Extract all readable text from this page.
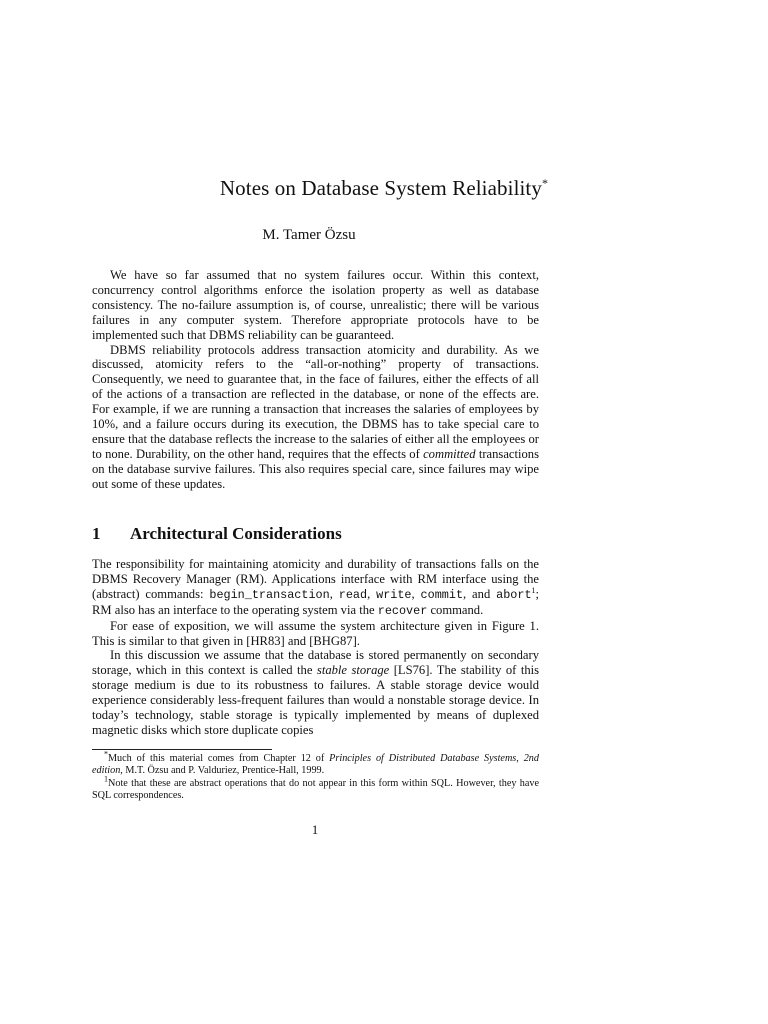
Notes on Database System Reliability*
M. Tamer Özsu

We have so far assumed that no system failures occur. Within this context, concurrency control algorithms enforce the isolation property as well as database consistency. The no-failure assumption is, of course, unrealistic; there will be various failures in any computer system. Therefore appropriate protocols have to be implemented such that DBMS reliability can be guaranteed.

DBMS reliability protocols address transaction atomicity and durability. As we discussed, atomicity refers to the “all-or-nothing” property of transactions. Consequently, we need to guarantee that, in the face of failures, either the effects of all of the actions of a transaction are reflected in the database, or none of the effects are. For example, if we are running a transaction that increases the salaries of employees by 10%, and a failure occurs during its execution, the DBMS has to take special care to ensure that the database reflects the increase to the salaries of either all the employees or to none. Durability, on the other hand, requires that the effects of committed transactions on the database survive failures. This also requires special care, since failures may wipe out some of these updates.

1 Architectural Considerations

The responsibility for maintaining atomicity and durability of transactions falls on the DBMS Recovery Manager (RM). Applications interface with RM interface using the (abstract) commands: begin_transaction, read, write, commit, and abort$^1$; RM also has an interface to the operating system via the recover command.

For ease of exposition, we will assume the system architecture given in Figure 1. This is similar to that given in [HR83] and [BHG87].

In this discussion we assume that the database is stored permanently on secondary storage, which in this context is called the stable storage [LS76]. The stability of this storage medium is due to its robustness to failures. A stable storage device would experience considerably less-frequent failures than would a nonstable storage device. In today’s technology, stable storage is typically implemented by means of duplexed magnetic disks which store duplicate copies

*Much of this material comes from Chapter 12 of Principles of Distributed Database Systems, 2nd edition, M.T. Özsu and P. Valduriez, Prentice-Hall, 1999.

$^1$Note that these are abstract operations that do not appear in this form within SQL. However, they have SQL correspondences.

1
